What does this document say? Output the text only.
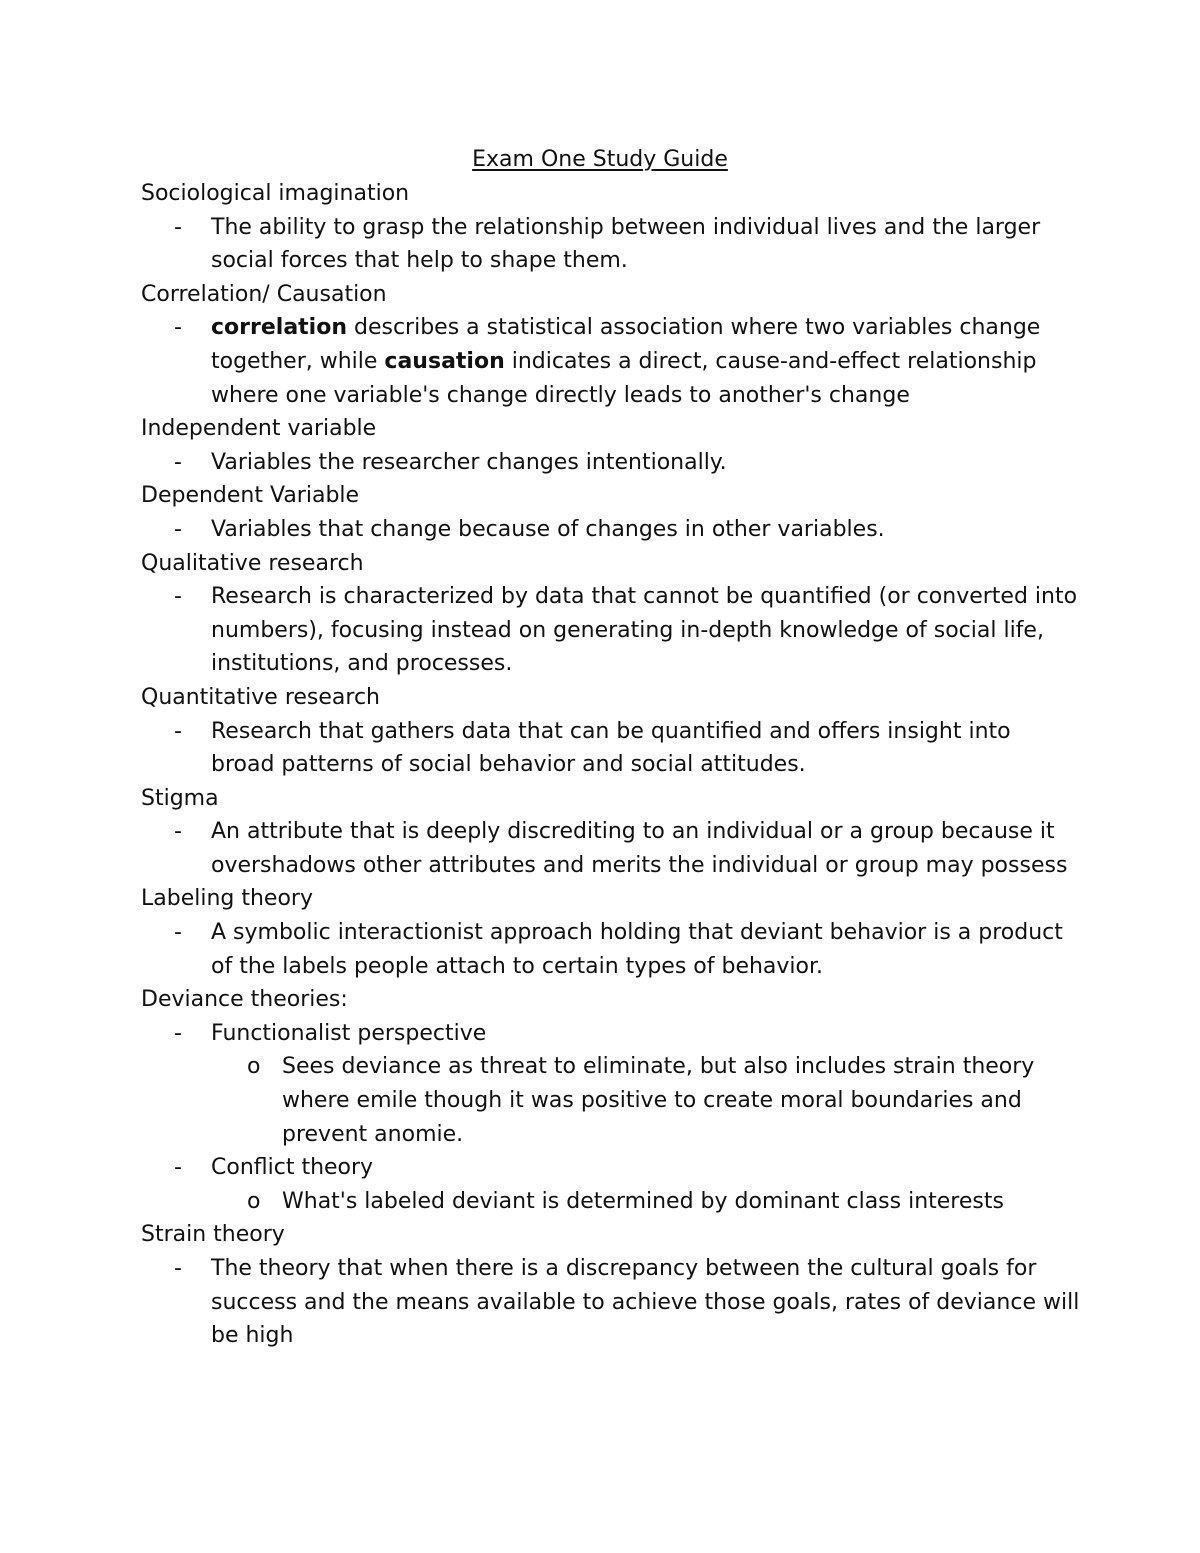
Exam One Study Guide

Sociological imagination

- The ability to grasp the relationship between individual lives and the larger social forces that help to shape them.

Correlation/ Causation

- correlation describes a statistical association where two variables change together, while causation indicates a direct, cause-and-effect relationship where one variable's change directly leads to another's change

Independent variable

- Variables the researcher changes intentionally.

Dependent Variable

- Variables that change because of changes in other variables.

Qualitative research

- Research is characterized by data that cannot be quantified (or converted into numbers), focusing instead on generating in-depth knowledge of social life, institutions, and processes.

Quantitative research

- Research that gathers data that can be quantified and offers insight into broad patterns of social behavior and social attitudes.

Stigma

- An attribute that is deeply discrediting to an individual or a group because it overshadows other attributes and merits the individual or group may possess

Labeling theory

- A symbolic interactionist approach holding that deviant behavior is a product of the labels people attach to certain types of behavior.

Deviance theories:

- Functionalist perspective

o Sees deviance as threat to eliminate, but also includes strain theory where emile though it was positive to create moral boundaries and prevent anomie.

- Conflict theory

o What's labeled deviant is determined by dominant class interests

Strain theory

- The theory that when there is a discrepancy between the cultural goals for success and the means available to achieve those goals, rates of deviance will be high
